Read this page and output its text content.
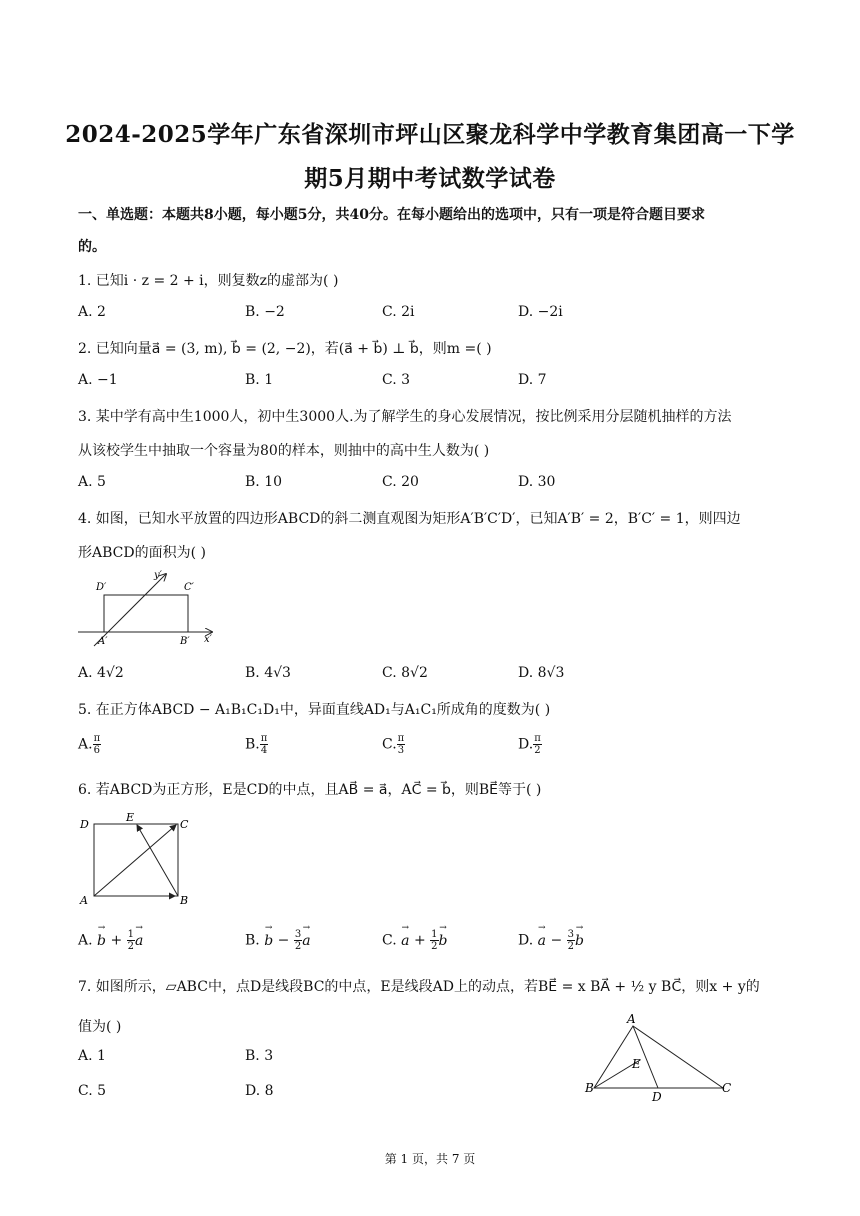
2024-2025学年广东省深圳市坪山区聚龙科学中学教育集团高一下学
期5月期中考试数学试卷
一、单选题：本题共8小题，每小题5分，共40分。在每小题给出的选项中，只有一项是符合题目要求
的。
1. 已知i · z = 2 + i，则复数z的虚部为( )
A. 2	B. −2	C. 2i	D. −2i
2. 已知向量a⃗ = (3, m), b⃗ = (2, −2)，若(a⃗ + b⃗) ⊥ b⃗，则m =( )
A. −1	B. 1	C. 3	D. 7
3. 某中学有高中生1000人，初中生3000人.为了解学生的身心发展情况，按比例采用分层随机抽样的方法
从该校学生中抽取一个容量为80的样本，则抽中的高中生人数为( )
A. 5	B. 10	C. 20	D. 30
4. 如图，已知水平放置的四边形ABCD的斜二测直观图为矩形A′B′C′D′，已知A′B′ = 2，B′C′ = 1，则四边
形ABCD的面积为( )
D′	C′
A′	B′ x′
y′
A. 4√2	B. 4√3	C. 8√2	D. 8√3
5. 在正方体ABCD − A₁B₁C₁D₁中，异面直线AD₁与A₁C₁所成角的度数为( )
A. $\frac{\pi}{6}$	B. $\frac{\pi}{4}$	C. $\frac{\pi}{3}$	D. $\frac{\pi}{2}$
6. 若ABCD为正方形，E是CD的中点，且AB⃗ = a⃗，AC⃗ = b⃗，则BE⃗等于( )
D
E
C
A	B
A. → $b + \frac{1}{2}$
→ a	B. → $b - \frac{3}{2}$
→ a	C. → $a + \frac{1}{2}$
→ b	D. → $a - \frac{3}{2}$
→ b
7. 如图所示，▱ABC中，点D是线段BC的中点，E是线段AD上的动点，若BE⃗ = x BA⃗ + ½ y BC⃗，则x + y的
值为( )
A. 1	B. 3
C. 5	D. 8
A
E
B
D
C
第 1 页，共 7 页
